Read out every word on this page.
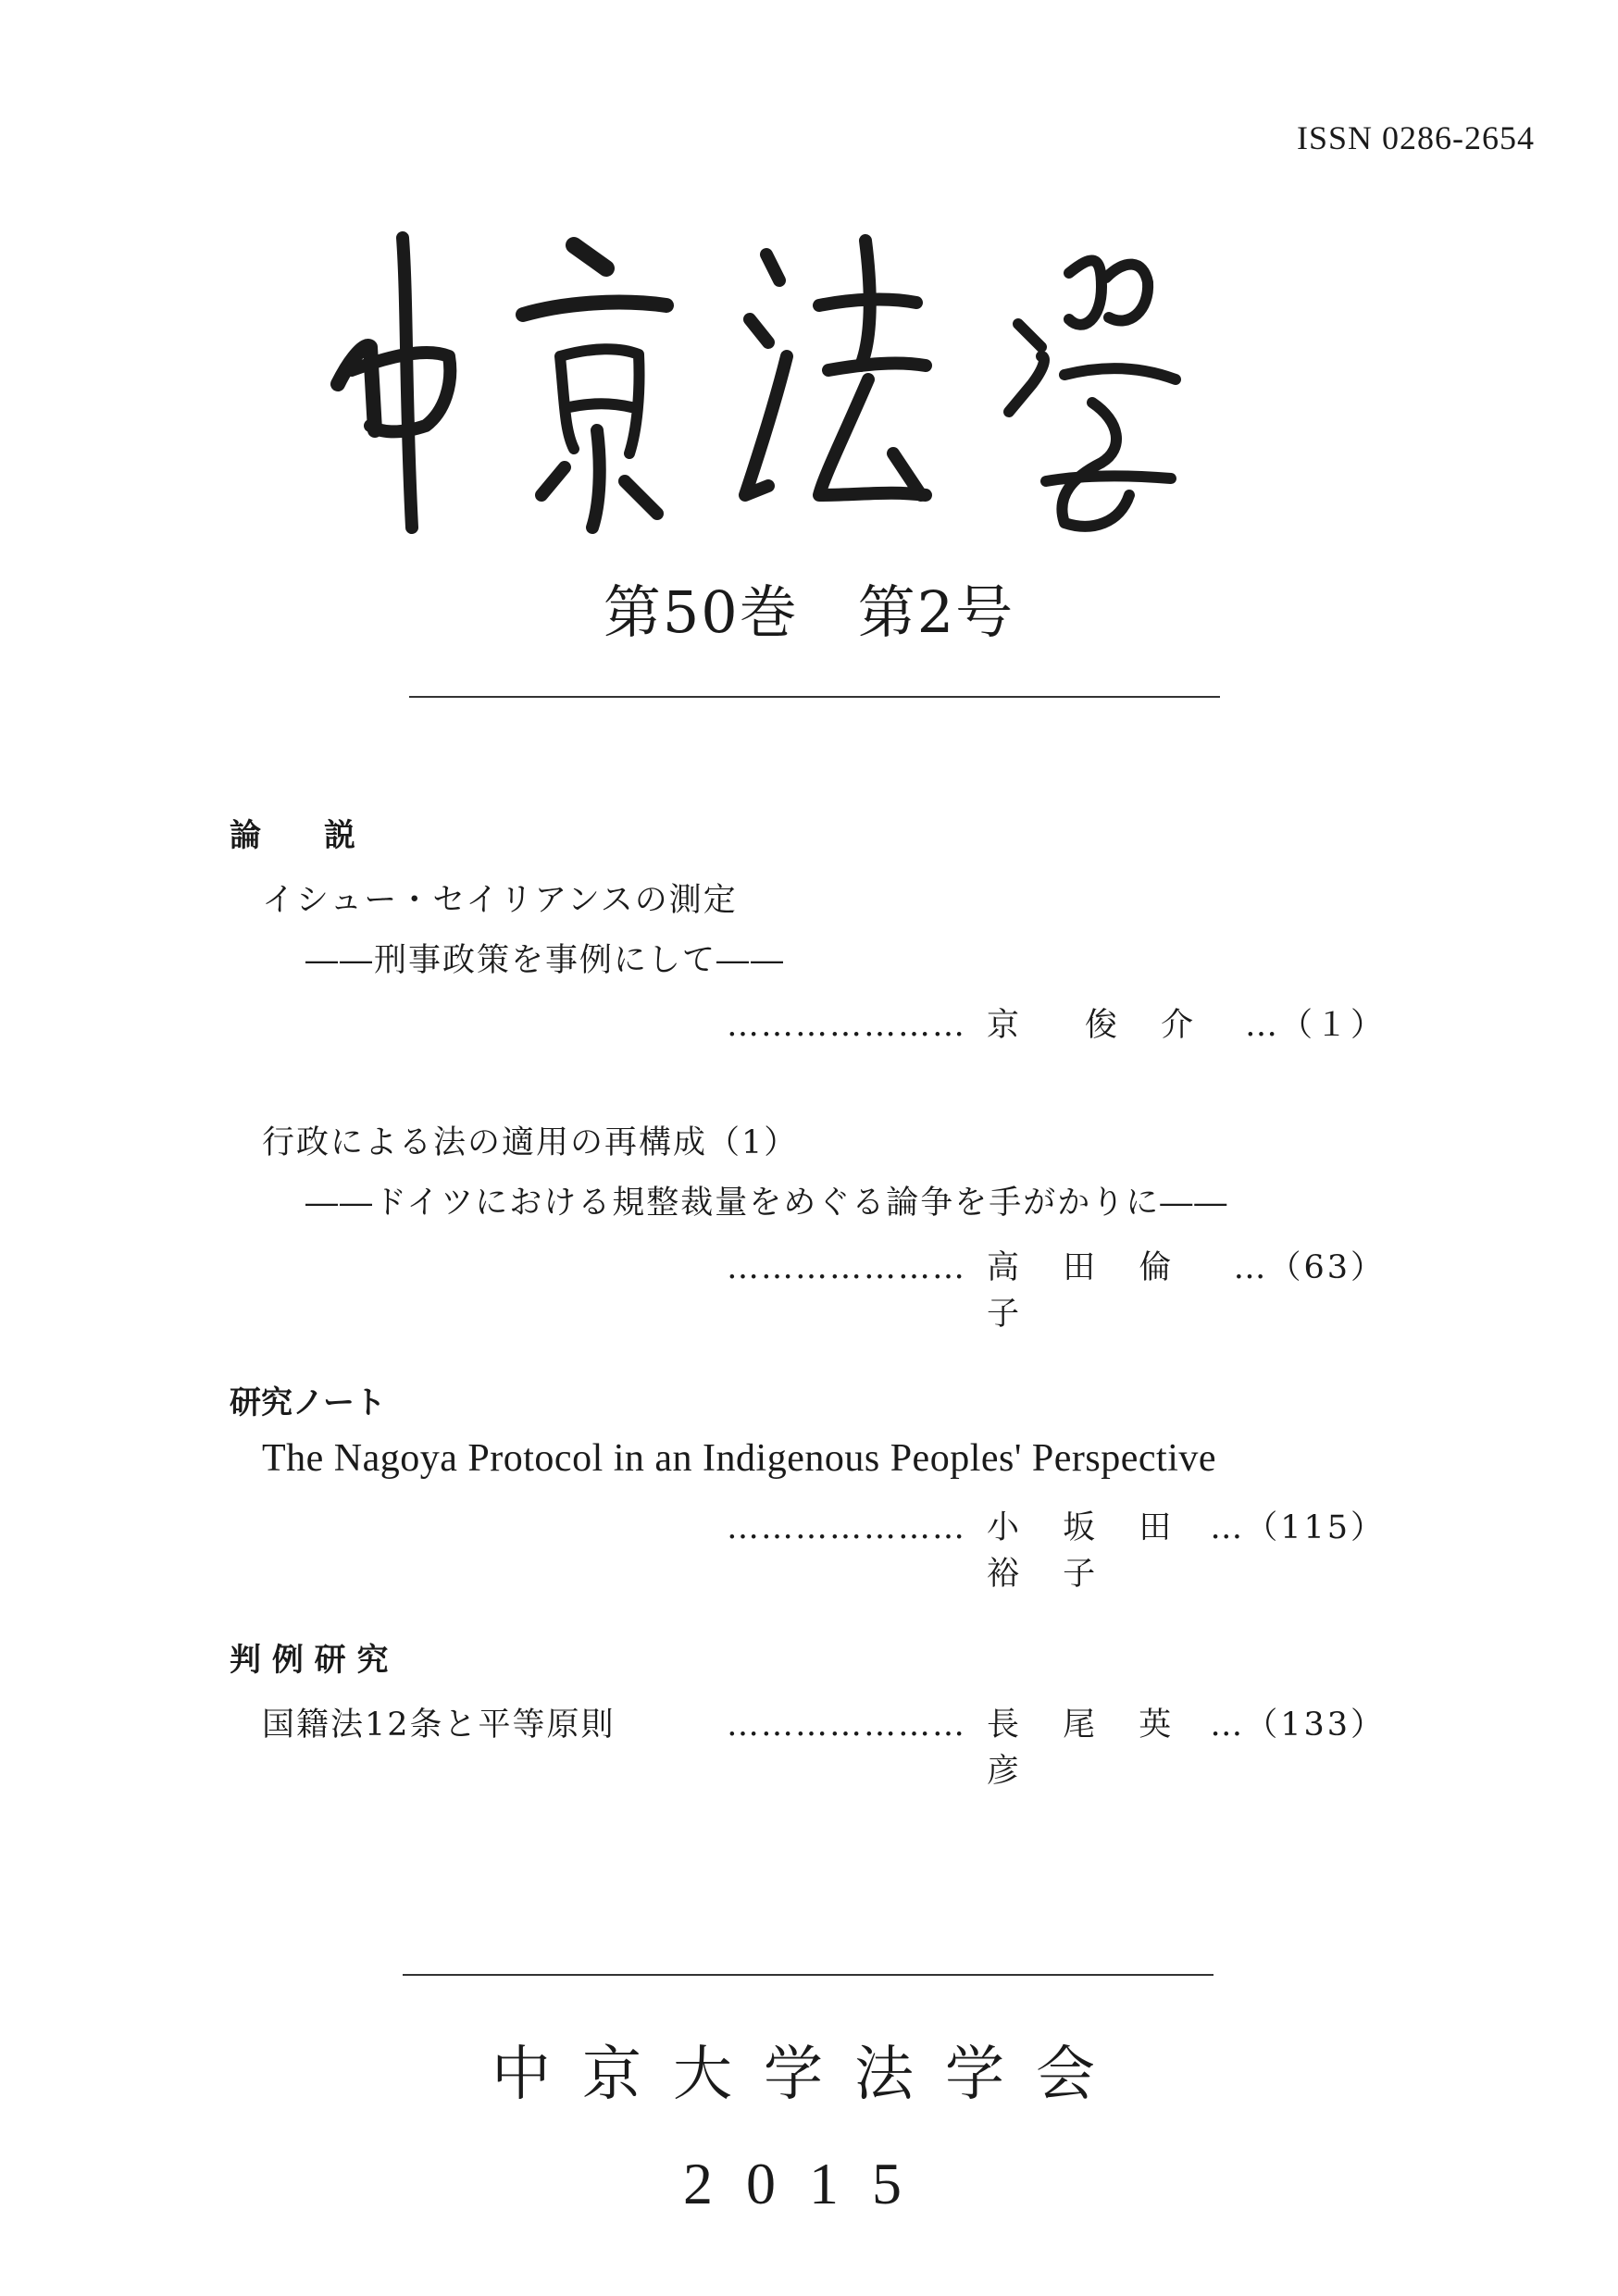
ISSN 0286-2654
第50巻　第2号
論　　説
イシュー・セイリアンスの測定
――刑事政策を事例にして――
………………… 京　俊 介	…（１）
行政による法の適用の再構成（1）
――ドイツにおける規整裁量をめぐる論争を手がかりに――
………………… 高 田 倫 子
…（63）
研究ノート
The Nagoya Protocol in an Indigenous Peoples' Perspective
………………… 小 坂 田 裕 子
…（115）
判 例 研 究
国籍法12条と平等原則	………………… 長 尾 英 彦
…（133）
中京大学法学会
2015
